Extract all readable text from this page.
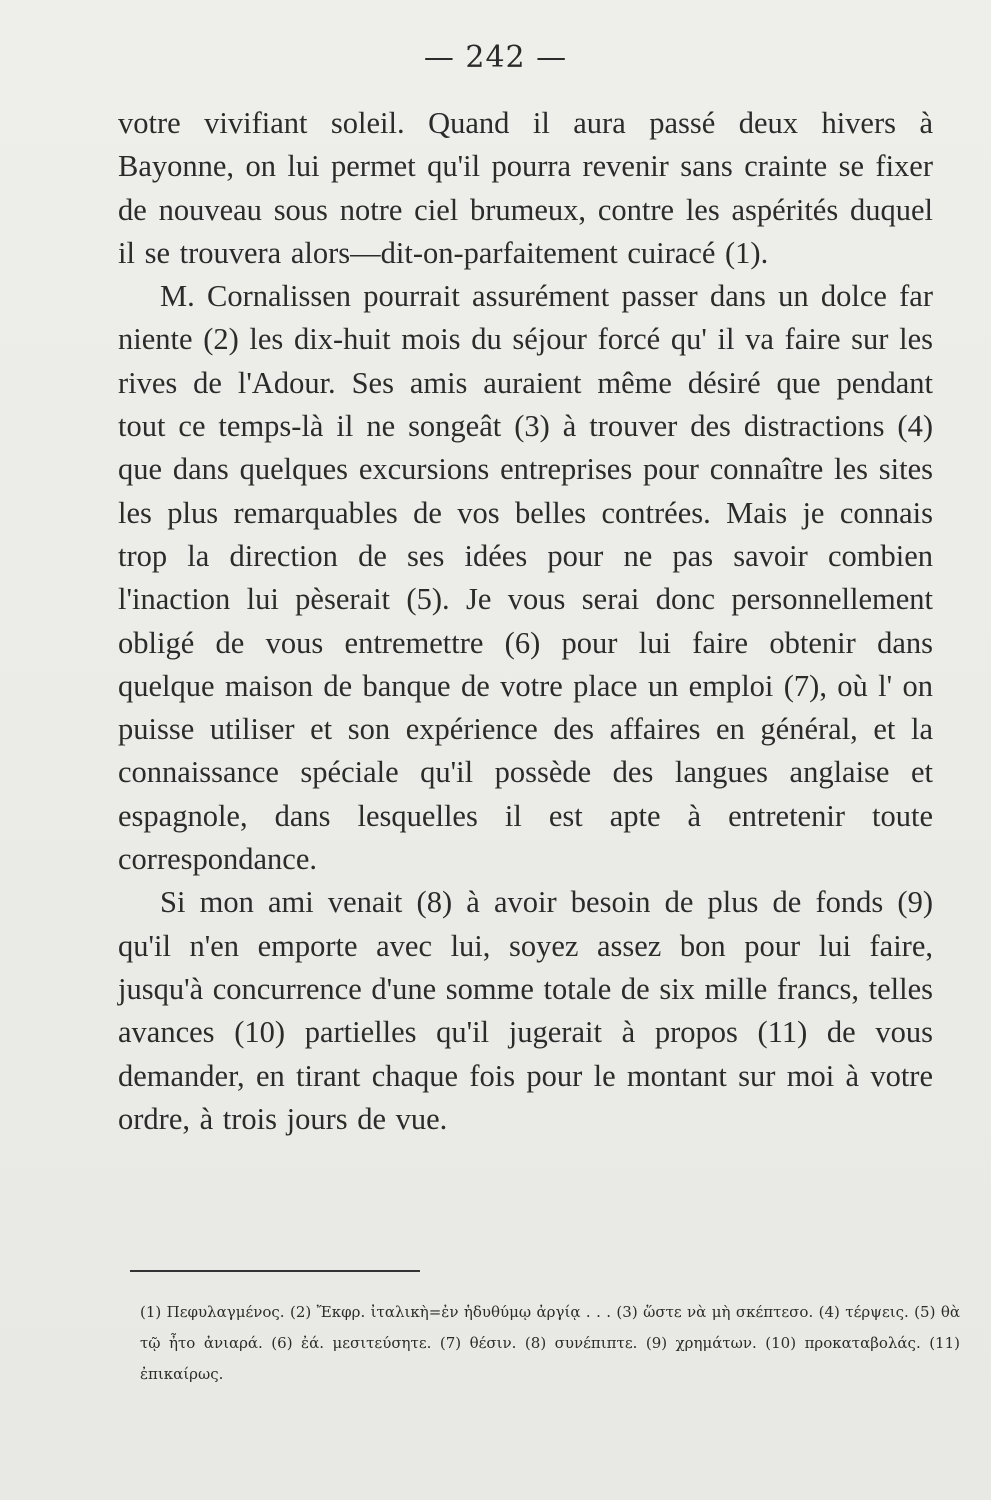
— 242 —

votre vivifiant soleil. Quand il aura passé deux hivers à Bayonne, on lui permet qu'il pourra revenir sans crainte se fixer de nouveau sous notre ciel brumeux, contre les aspérités duquel il se trouvera alors—dit-on-parfaitement cuiracé (1).

M. Cornalissen pourrait assurément passer dans un dolce far niente (2) les dix-huit mois du séjour forcé qu' il va faire sur les rives de l'Adour. Ses amis auraient même désiré que pendant tout ce temps-là il ne songeât (3) à trouver des distractions (4) que dans quelques excursions entreprises pour connaître les sites les plus remarquables de vos belles contrées. Mais je connais trop la direction de ses idées pour ne pas savoir combien l'inaction lui pèserait (5). Je vous serai donc personnellement obligé de vous entremettre (6) pour lui faire obtenir dans quelque maison de banque de votre place un emploi (7), où l' on puisse utiliser et son expérience des affaires en général, et la connaissance spéciale qu'il possède des langues anglaise et espagnole, dans lesquelles il est apte à entretenir toute correspondance.

Si mon ami venait (8) à avoir besoin de plus de fonds (9) qu'il n'en emporte avec lui, soyez assez bon pour lui faire, jusqu'à concurrence d'une somme totale de six mille francs, telles avances (10) partielles qu'il jugerait à propos (11) de vous demander, en tirant chaque fois pour le montant sur moi à votre ordre, à trois jours de vue.

(1) Πεφυλαγμένος. (2) Ἔκφρ. ἰταλικὴ=ἐν ἡδυθύμῳ ἀργίᾳ . . . (3) ὥστε νὰ μὴ σκέπτεσο. (4) τέρψεις. (5) θὰ τῷ ἦτο ἀνιαρά. (6) ἐά. μεσιτεύσητε. (7) θέσιν. (8) συνέπιπτε. (9) χρημάτων. (10) προκαταβολάς. (11) ἐπικαίρως.
